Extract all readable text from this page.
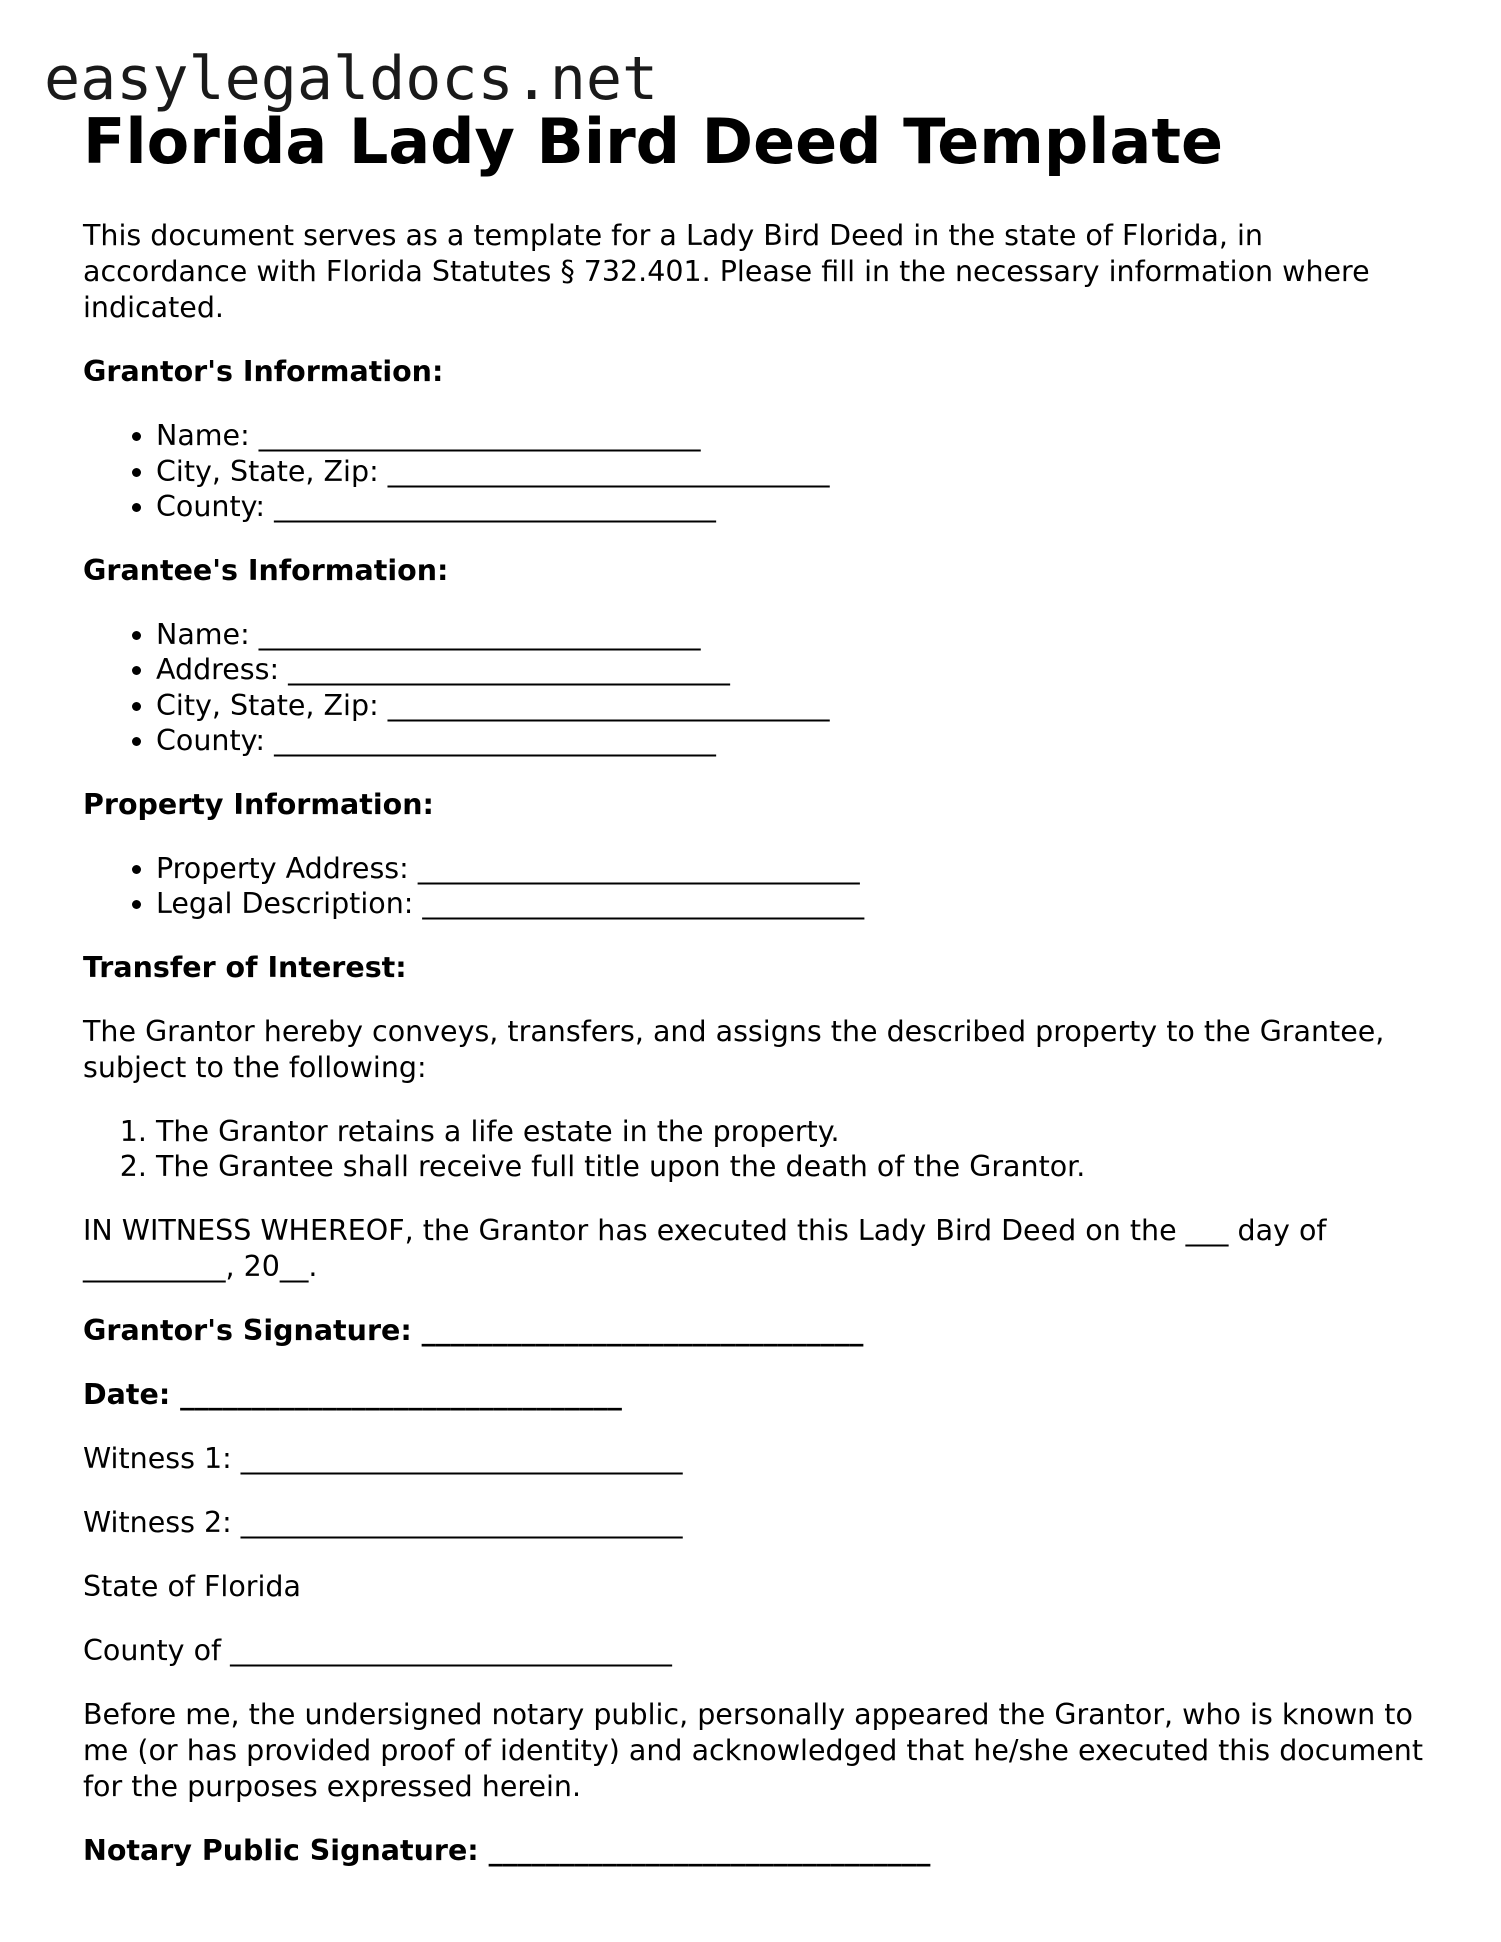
easylegaldocs.net
Florida Lady Bird Deed Template

This document serves as a template for a Lady Bird Deed in the state of Florida, in accordance with Florida Statutes § 732.401. Please fill in the necessary information where indicated.

Grantor's Information:

• Name: _______________________________
• City, State, Zip: _______________________________
• County: _______________________________

Grantee's Information:

• Name: _______________________________
• Address: _______________________________
• City, State, Zip: _______________________________
• County: _______________________________

Property Information:

• Property Address: _______________________________
• Legal Description: _______________________________

Transfer of Interest:

The Grantor hereby conveys, transfers, and assigns the described property to the Grantee, subject to the following:

1. The Grantor retains a life estate in the property.
2. The Grantee shall receive full title upon the death of the Grantor.

IN WITNESS WHEREOF, the Grantor has executed this Lady Bird Deed on the ___ day of __________, 20__.

Grantor's Signature: _______________________________

Date: _______________________________

Witness 1: _______________________________

Witness 2: _______________________________

State of Florida

County of _______________________________

Before me, the undersigned notary public, personally appeared the Grantor, who is known to me (or has provided proof of identity) and acknowledged that he/she executed this document for the purposes expressed herein.

Notary Public Signature: _______________________________
